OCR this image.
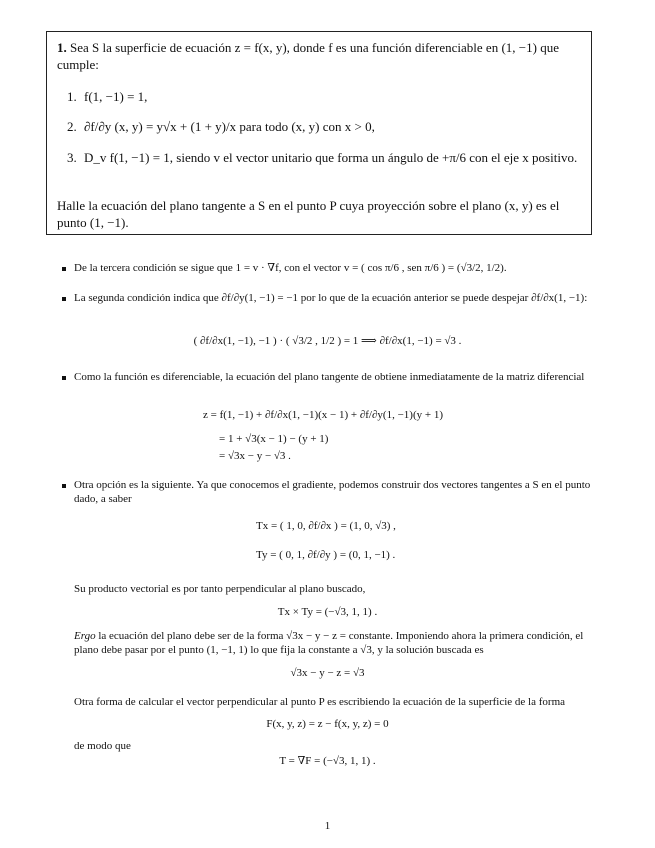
1. Sea S la superficie de ecuación z = f(x, y), donde f es una función diferenciable en (1, −1) que cumple:
1. f(1, −1) = 1,
2. ∂f/∂y (x, y) = y√x + (1 + y)/x para todo (x, y) con x > 0,
3. D_v f(1, −1) = 1, siendo v el vector unitario que forma un ángulo de +π/6 con el eje x positivo.
Halle la ecuación del plano tangente a S en el punto P cuya proyección sobre el plano (x, y) es el punto (1, −1).
De la tercera condición se sigue que 1 = v · ∇f, con el vector v = ( cos π/6 , sen π/6 ) = (√3/2, 1/2).
La segunda condición indica que ∂f/∂y(1, −1) = −1 por lo que de la ecuación anterior se puede despejar ∂f/∂x(1, −1):
( ∂f/∂x(1, −1), −1 ) · ( √3/2 , 1/2 ) = 1 ⟹ ∂f/∂x(1, −1) = √3 .
Como la función es diferenciable, la ecuación del plano tangente de obtiene inmediatamente de la matriz diferencial
z = f(1, −1) + ∂f/∂x(1, −1)(x − 1) + ∂f/∂y(1, −1)(y + 1)
= 1 + √3(x − 1) − (y + 1)
= √3x − y − √3 .
Otra opción es la siguiente. Ya que conocemos el gradiente, podemos construir dos vectores tangentes a S en el punto dado, a saber
Tx = ( 1, 0, ∂f/∂x ) = (1, 0, √3) ,
Ty = ( 0, 1, ∂f/∂y ) = (0, 1, −1) .
Su producto vectorial es por tanto perpendicular al plano buscado,
Tx × Ty = (−√3, 1, 1) .
Ergo la ecuación del plano debe ser de la forma √3x − y − z = constante. Imponiendo ahora la primera condición, el plano debe pasar por el punto (1, −1, 1) lo que fija la constante a √3, y la solución buscada es
√3x − y − z = √3
Otra forma de calcular el vector perpendicular al punto P es escribiendo la ecuación de la superficie de la forma
F(x, y, z) = z − f(x, y, z) = 0
de modo que
T = ∇F = (−√3, 1, 1) .
1
